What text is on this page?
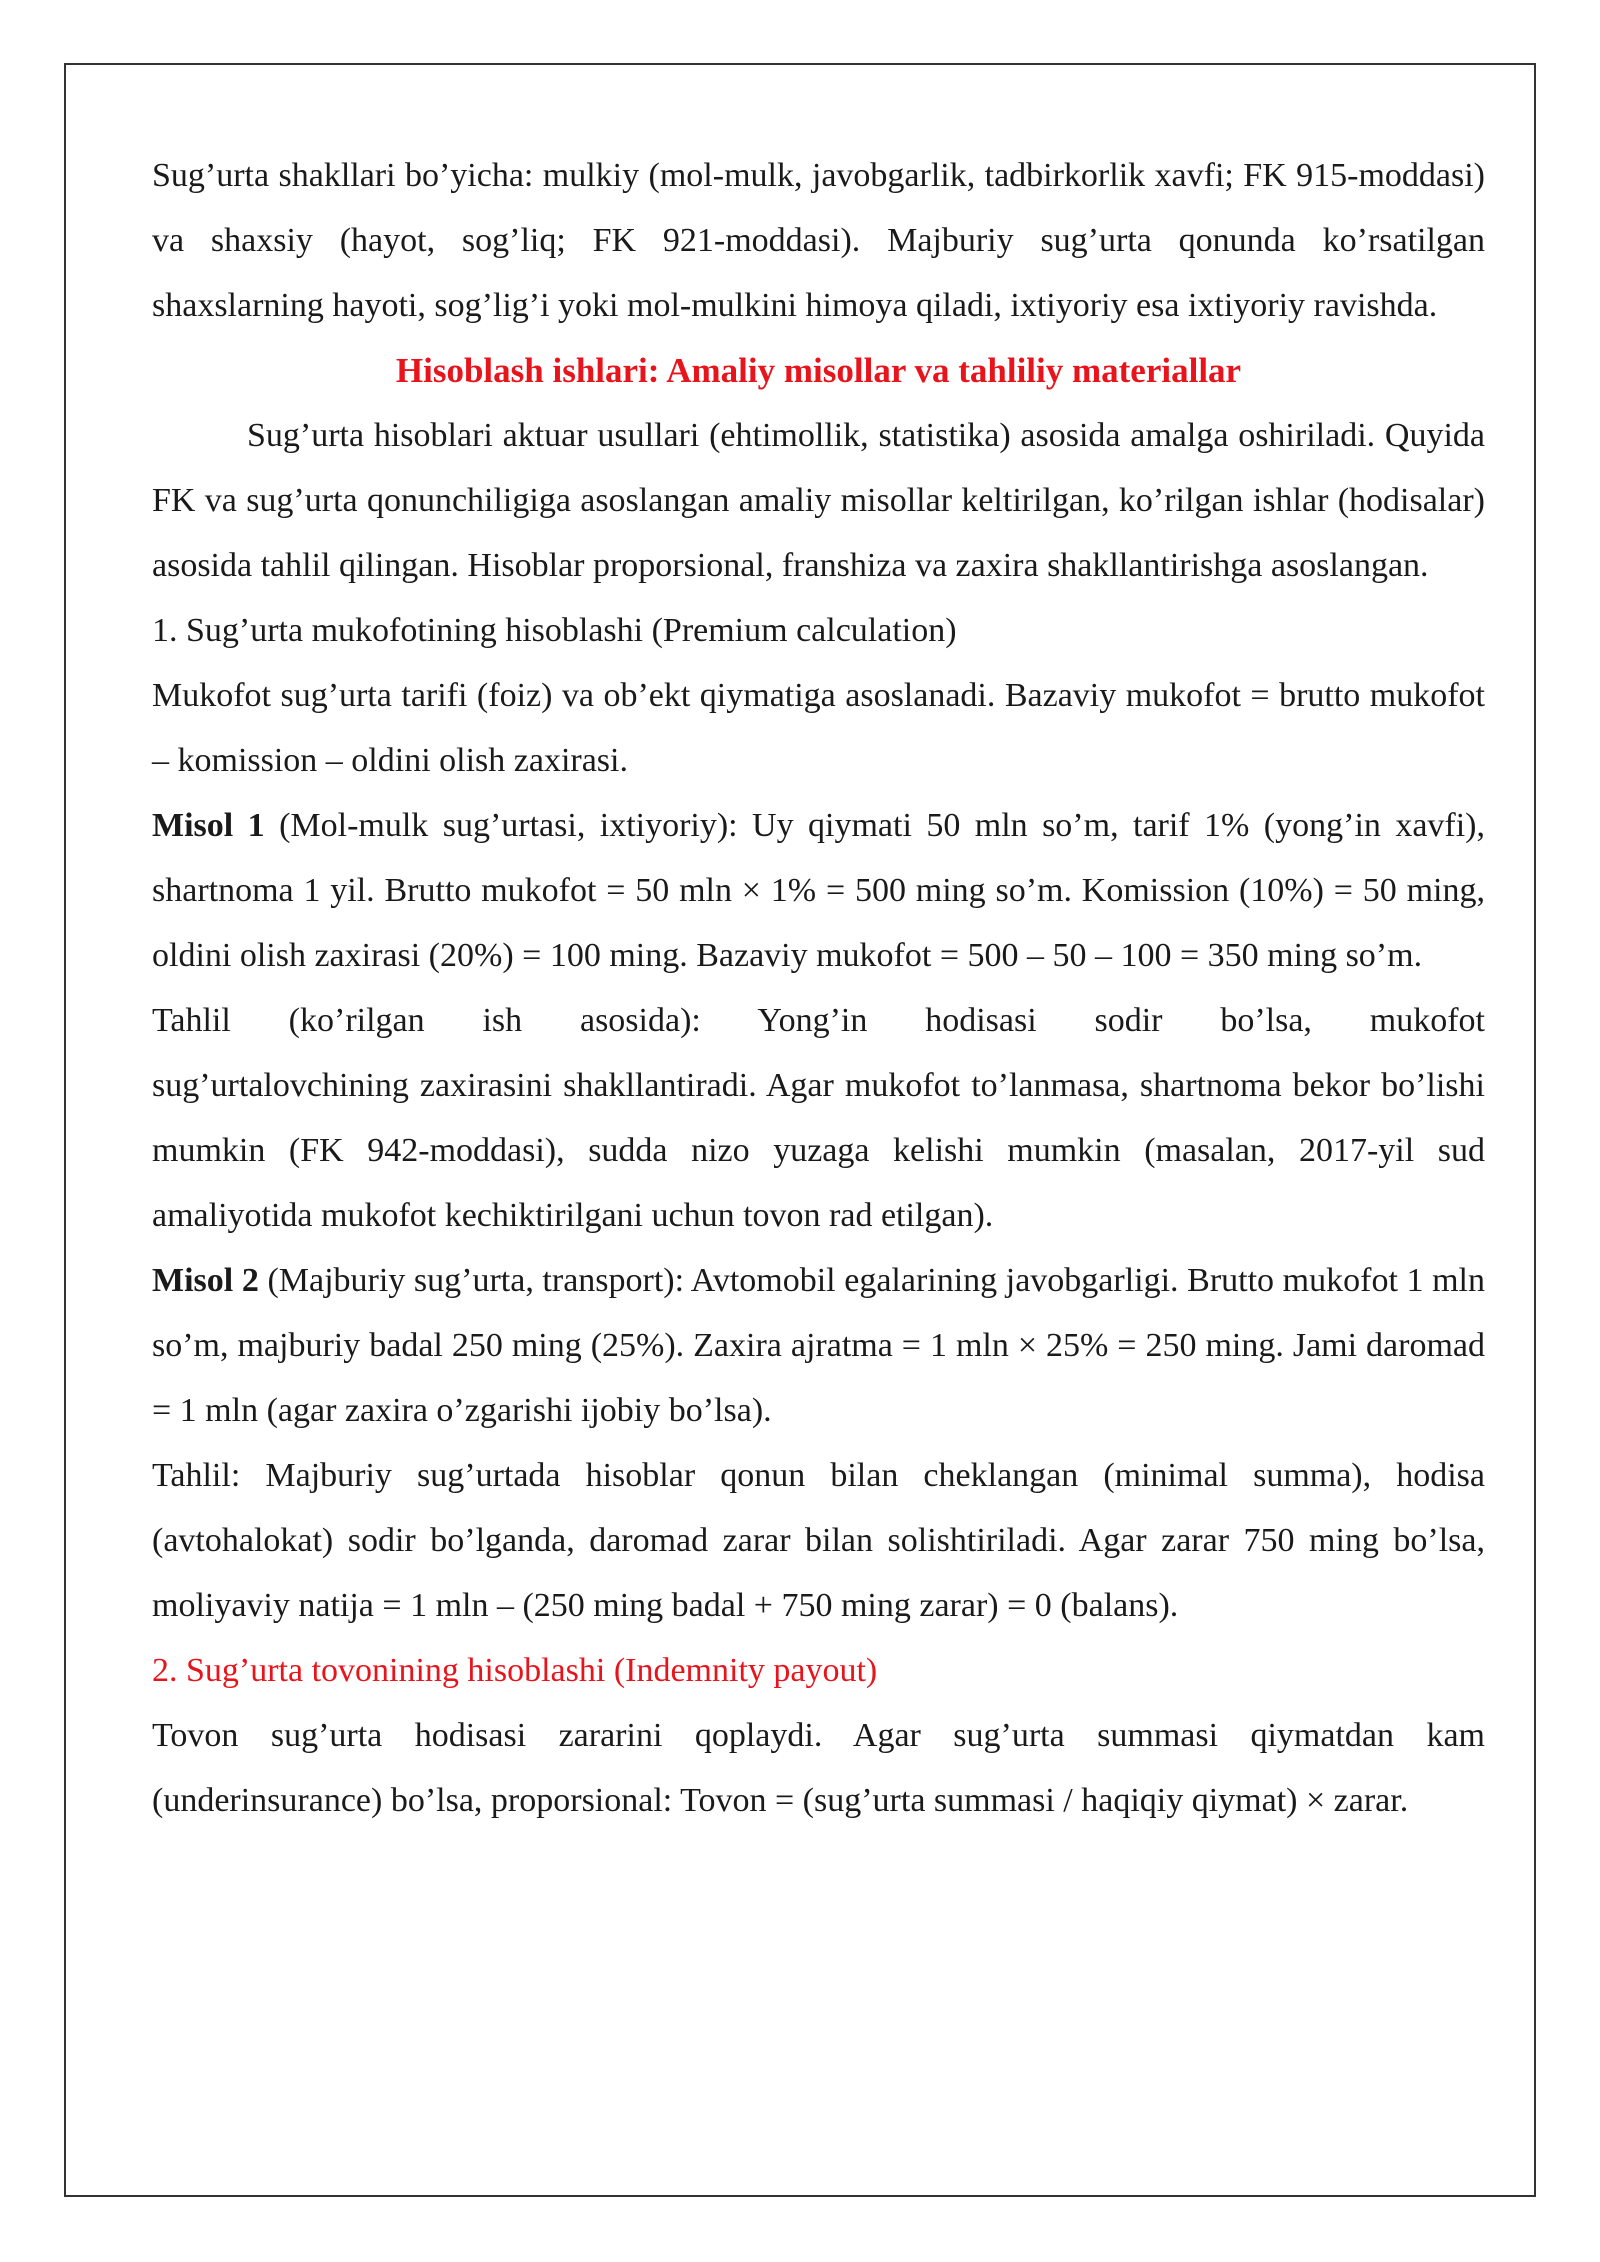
Sug’urta shakllari bo’yicha: mulkiy (mol-mulk, javobgarlik, tadbirkorlik xavfi; FK 915-moddasi) va shaxsiy (hayot, sog’liq; FK 921-moddasi). Majburiy sug’urta qonunda ko’rsatilgan shaxslarning hayoti, sog’lig’i yoki mol-mulkini himoya qiladi, ixtiyoriy esa ixtiyoriy ravishda.

Hisoblash ishlari: Amaliy misollar va tahliliy materiallar

Sug’urta hisoblari aktuar usullari (ehtimollik, statistika) asosida amalga oshiriladi. Quyida FK va sug’urta qonunchiligiga asoslangan amaliy misollar keltirilgan, ko’rilgan ishlar (hodisalar) asosida tahlil qilingan. Hisoblar proporsional, franshiza va zaxira shakllantirishga asoslangan.

1. Sug’urta mukofotining hisoblashi (Premium calculation)

Mukofot sug’urta tarifi (foiz) va ob’ekt qiymatiga asoslanadi. Bazaviy mukofot = brutto mukofot – komission – oldini olish zaxirasi.

Misol 1 (Mol-mulk sug’urtasi, ixtiyoriy): Uy qiymati 50 mln so’m, tarif 1% (yong’in xavfi), shartnoma 1 yil. Brutto mukofot = 50 mln × 1% = 500 ming so’m. Komission (10%) = 50 ming, oldini olish zaxirasi (20%) = 100 ming. Bazaviy mukofot = 500 – 50 – 100 = 350 ming so’m.

Tahlil (ko’rilgan ish asosida): Yong’in hodisasi sodir bo’lsa, mukofot

sug’urtalovchining zaxirasini shakllantiradi. Agar mukofot to’lanmasa, shartnoma bekor bo’lishi mumkin (FK 942-moddasi), sudda nizo yuzaga kelishi mumkin (masalan, 2017-yil sud amaliyotida mukofot kechiktirilgani uchun tovon rad etilgan).

Misol 2 (Majburiy sug’urta, transport): Avtomobil egalarining javobgarligi. Brutto mukofot 1 mln so’m, majburiy badal 250 ming (25%). Zaxira ajratma = 1 mln × 25% = 250 ming. Jami daromad = 1 mln (agar zaxira o’zgarishi ijobiy bo’lsa).

Tahlil: Majburiy sug’urtada hisoblar qonun bilan cheklangan (minimal summa), hodisa (avtohalokat) sodir bo’lganda, daromad zarar bilan solishtiriladi. Agar zarar 750 ming bo’lsa, moliyaviy natija = 1 mln – (250 ming badal + 750 ming zarar) = 0 (balans).

2. Sug’urta tovonining hisoblashi (Indemnity payout)

Tovon sug’urta hodisasi zararini qoplaydi. Agar sug’urta summasi qiymatdan kam (underinsurance) bo’lsa, proporsional: Tovon = (sug’urta summasi / haqiqiy qiymat) × zarar.
